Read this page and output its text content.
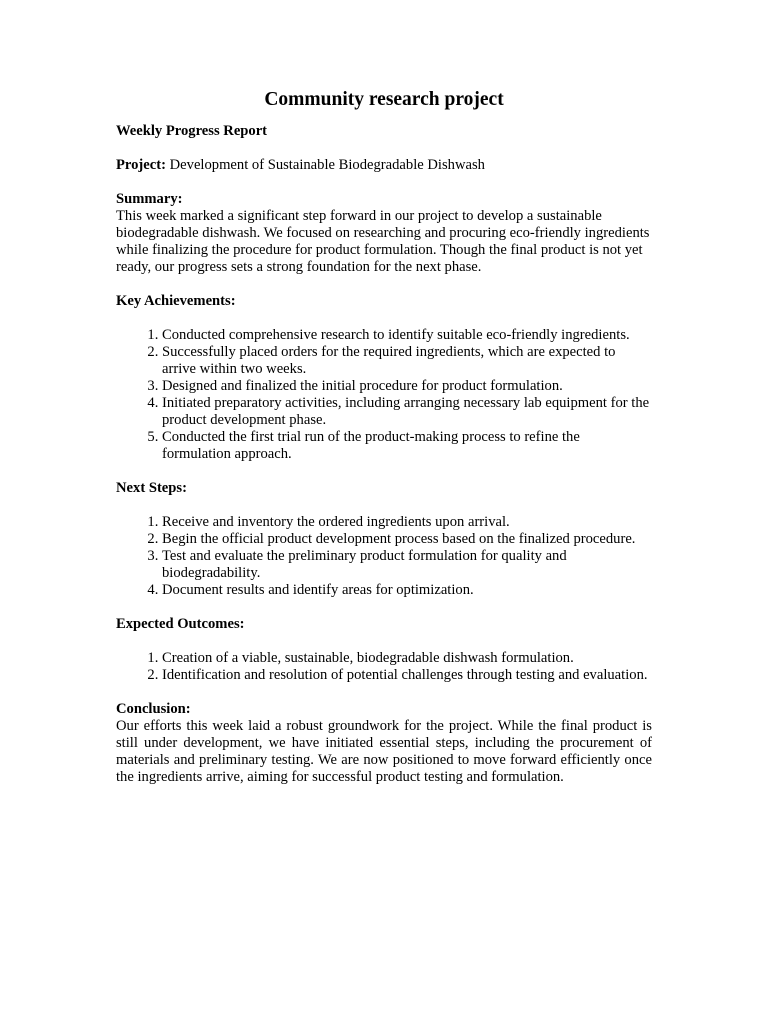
Community research project
Weekly Progress Report
Project: Development of Sustainable Biodegradable Dishwash
Summary:
This week marked a significant step forward in our project to develop a sustainable biodegradable dishwash. We focused on researching and procuring eco-friendly ingredients while finalizing the procedure for product formulation. Though the final product is not yet ready, our progress sets a strong foundation for the next phase.
Key Achievements:
1. Conducted comprehensive research to identify suitable eco-friendly ingredients.
2. Successfully placed orders for the required ingredients, which are expected to arrive within two weeks.
3. Designed and finalized the initial procedure for product formulation.
4. Initiated preparatory activities, including arranging necessary lab equipment for the product development phase.
5. Conducted the first trial run of the product-making process to refine the formulation approach.
Next Steps:
1. Receive and inventory the ordered ingredients upon arrival.
2. Begin the official product development process based on the finalized procedure.
3. Test and evaluate the preliminary product formulation for quality and biodegradability.
4. Document results and identify areas for optimization.
Expected Outcomes:
1. Creation of a viable, sustainable, biodegradable dishwash formulation.
2. Identification and resolution of potential challenges through testing and evaluation.
Conclusion:
Our efforts this week laid a robust groundwork for the project. While the final product is still under development, we have initiated essential steps, including the procurement of materials and preliminary testing. We are now positioned to move forward efficiently once the ingredients arrive, aiming for successful product testing and formulation.
